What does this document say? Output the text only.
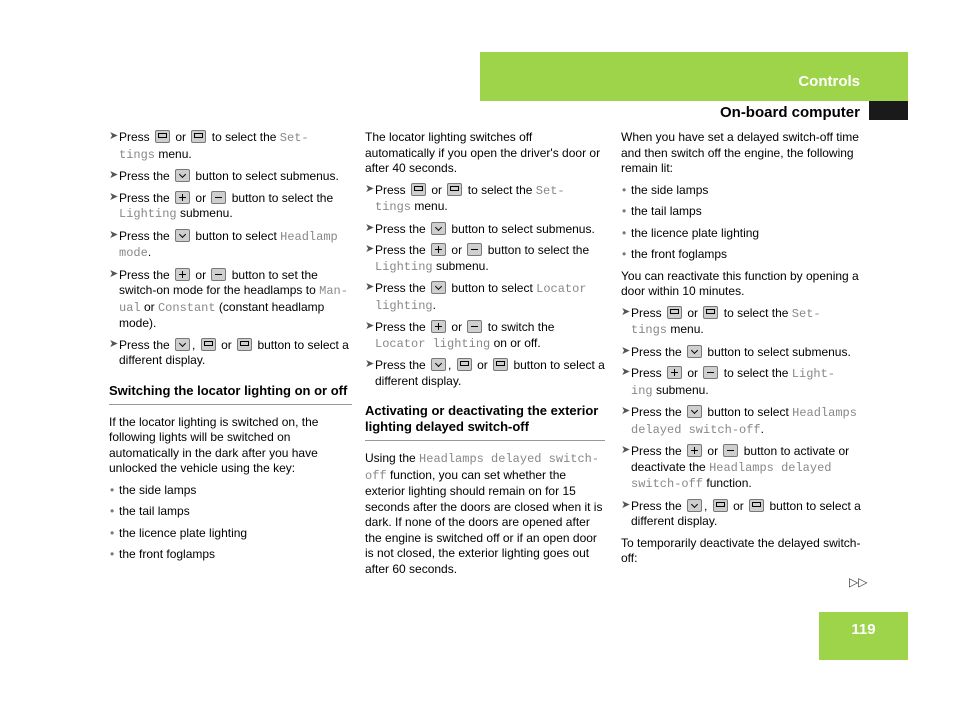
Controls
On-board computer
➤ Press or to select the Set-
tings menu.
➤ Press the button to select submenus.
➤ Press the or button to select the
Lighting submenu.
➤ Press the button to select Headlamp
mode.
➤ Press the or button to set the switch-on mode for the headlamps to Man-
ual or Constant (constant headlamp mode).
➤ Press the , or button to select a different display.
Switching the locator lighting on or off
If the locator lighting is switched on, the following lights will be switched on automatically in the dark after you have unlocked the vehicle using the key:
• the side lamps
• the tail lamps
• the licence plate lighting
• the front foglamps
The locator lighting switches off automatically if you open the driver's door or after 40 seconds.
➤ Press or to select the Set-
tings menu.
➤ Press the button to select submenus.
➤ Press the or button to select the
Lighting submenu.
➤ Press the button to select Locator
lighting.
➤ Press the or to switch the
Locator lighting on or off.
➤ Press the , or button to select a different display.
Activating or deactivating the exterior lighting delayed switch-off
Using the Headlamps delayed switch-
off function, you can set whether the exterior lighting should remain on for 15 seconds after the doors are closed when it is dark. If none of the doors are opened after the engine is switched off or if an open door is not closed, the exterior lighting goes out after 60 seconds.
When you have set a delayed switch-off time and then switch off the engine, the following remain lit:
• the side lamps
• the tail lamps
• the licence plate lighting
• the front foglamps
You can reactivate this function by opening a door within 10 minutes.
➤ Press or to select the Set-
tings menu.
➤ Press the button to select submenus.
➤ Press or to select the Light-
ing submenu.
➤ Press the button to select Headlamps
delayed switch-off.
➤ Press the or button to activate or deactivate the Headlamps delayed
switch-off function.
➤ Press the , or button to select a different display.
To temporarily deactivate the delayed switch-off:
▷▷
119
